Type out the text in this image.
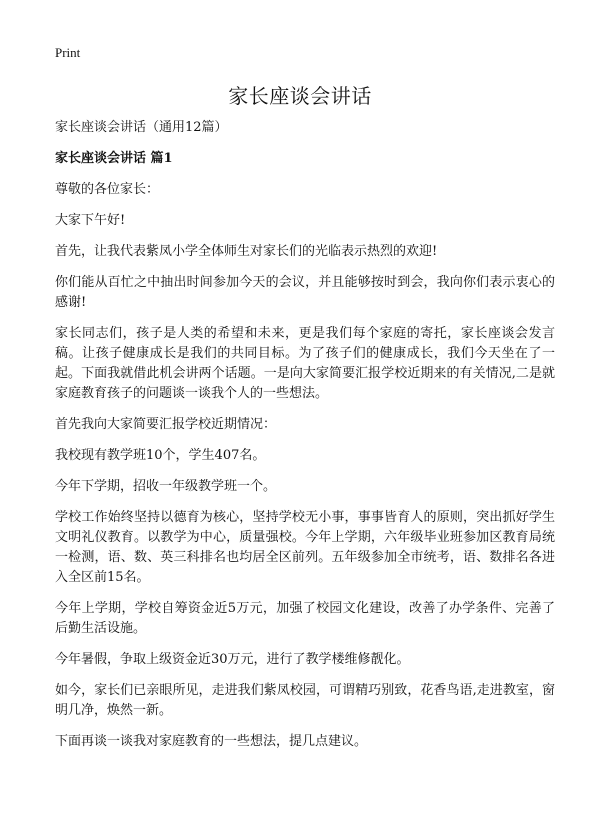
Print
家长座谈会讲话

家长座谈会讲话（通用12篇）

家长座谈会讲话 篇1

尊敬的各位家长：

大家下午好!

首先，让我代表紫凤小学全体师生对家长们的光临表示热烈的欢迎!

你们能从百忙之中抽出时间参加今天的会议，并且能够按时到会，我向你们表示衷心的感谢!

家长同志们，孩子是人类的希望和未来，更是我们每个家庭的寄托，家长座谈会发言稿。让孩子健康成长是我们的共同目标。为了孩子们的健康成长，我们今天坐在了一起。下面我就借此机会讲两个话题。一是向大家简要汇报学校近期来的有关情况,二是就家庭教育孩子的问题谈一谈我个人的一些想法。

首先我向大家简要汇报学校近期情况：

我校现有教学班10个，学生407名。

今年下学期，招收一年级教学班一个。

学校工作始终坚持以德育为核心，坚持学校无小事，事事皆育人的原则，突出抓好学生文明礼仪教育。以教学为中心，质量强校。今年上学期，六年级毕业班参加区教育局统一检测，语、数、英三科排名也均居全区前列。五年级参加全市统考，语、数排名各进入全区前15名。

今年上学期，学校自筹资金近5万元，加强了校园文化建设，改善了办学条件、完善了后勤生活设施。

今年暑假，争取上级资金近30万元，进行了教学楼维修靓化。

如今，家长们已亲眼所见，走进我们紫凤校园，可谓精巧别致，花香鸟语,走进教室，窗明几净，焕然一新。

下面再谈一谈我对家庭教育的一些想法，提几点建议。
